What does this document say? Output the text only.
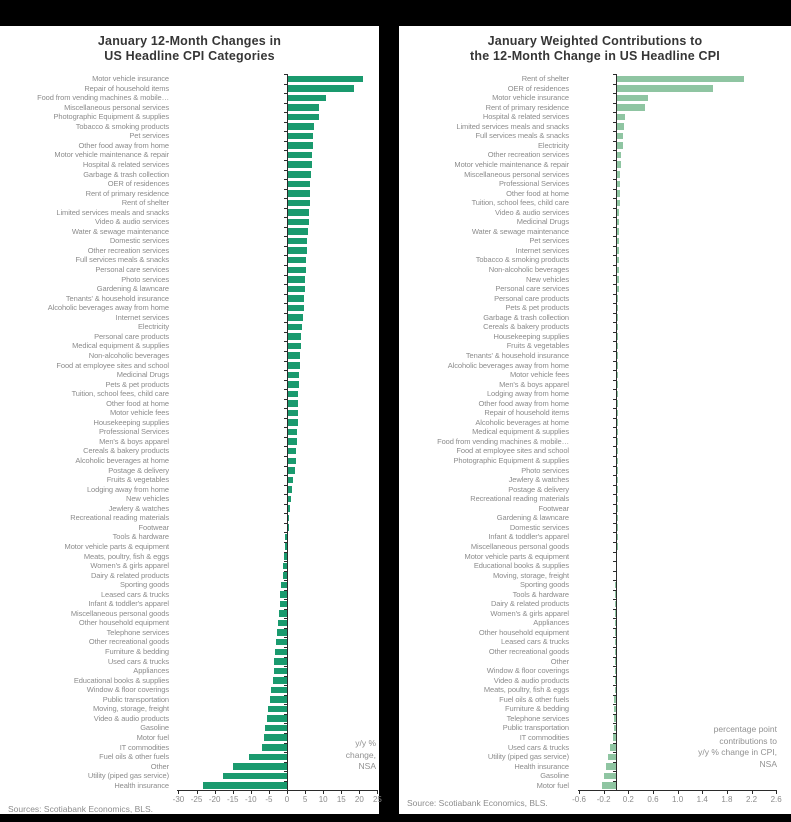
January 12-Month Changes in
US Headline CPI Categories
Motor vehicle insurance
Repair of household items
Food from vending machines & mobile…
Miscellaneous personal services
Photographic Equipment & supplies
Tobacco & smoking products
Pet services
Other food away from home
Motor vehicle maintenance & repair
Hospital & related services
Garbage & trash collection
OER of residences
Rent of primary residence
Rent of shelter
Limited services meals and snacks
Video & audio services
Water & sewage maintenance
Domestic services
Other recreation services
Full services meals & snacks
Personal care services
Photo services
Gardening & lawncare
Tenants' & household insurance
Alcoholic beverages away from home
Internet services
Electricity
Personal care products
Medical equipment & supplies
Non-alcoholic beverages
Food at employee sites and school
Medicinal Drugs
Pets & pet products
Tuition, school fees, child care
Other food at home
Motor vehicle fees
Housekeeping supplies
Professional Services
Men's & boys apparel
Cereals & bakery products
Alcoholic beverages at home
Postage & delivery
Fruits & vegetables
Lodging away from home
New vehicles
Jewlery & watches
Recreational reading materials
Footwear
Tools & hardware
Motor vehicle parts & equipment
Meats, poultry, fish & eggs
Women's & girls apparel
Dairy & related products
Sporting goods
Leased cars & trucks
Infant & toddler's apparel
Miscellaneous personal goods
Other household equipment
Telephone services
Other recreational goods
Furniture & bedding
Used cars & trucks
Appliances
Educational books & supplies
Window & floor coverings
Public transportation
Moving, storage, freight
Video & audio products
Gasoline
Motor fuel
IT commodities
Fuel oils & other fuels
Other
Utility (piped gas service)
Health insurance
-30 -25 -20 -15 -10	-5	0	5	10	15	20	25
y/y %
change,
NSA
Sources: Scotiabank Economics, BLS.
January Weighted Contributions to
the 12-Month Change in US Headline CPI
Rent of shelter
OER of residences
Motor vehicle insurance
Rent of primary residence
Hospital & related services
Limited services meals and snacks
Full services meals & snacks
Electricity
Other recreation services
Motor vehicle maintenance & repair
Miscellaneous personal services
Professional Services
Other food at home
Tuition, school fees, child care
Video & audio services
Medicinal Drugs
Water & sewage maintenance
Pet services
Internet services
Tobacco & smoking products
Non-alcoholic beverages
New vehicles
Personal care services
Personal care products
Pets & pet products
Garbage & trash collection
Cereals & bakery products
Housekeeping supplies
Fruits & vegetables
Tenants' & household insurance
Alcoholic beverages away from home
Motor vehicle fees
Men's & boys apparel
Lodging away from home
Other food away from home
Repair of household items
Alcoholic beverages at home
Medical equipment & supplies
Food from vending machines & mobile…
Food at employee sites and school
Photographic Equipment & supplies
Photo services
Jewlery & watches
Postage & delivery
Recreational reading materials
Footwear
Gardening & lawncare
Domestic services
Infant & toddler's apparel
Miscellaneous personal goods
Motor vehicle parts & equipment
Educational books & supplies
Moving, storage, freight
Sporting goods
Tools & hardware
Dairy & related products
Women's & girls apparel
Appliances
Other household equipment
Leased cars & trucks
Other recreational goods
Other
Window & floor coverings
Video & audio products
Meats, poultry, fish & eggs
Fuel oils & other fuels
Furniture & bedding
Telephone services
Public transportation
IT commodities
Used cars & trucks
Utility (piped gas service)
Health insurance
Gasoline
Motor fuel
-0.6	-0.2	0.2	0.6	1.0	1.4	1.8	2.2	2.6
percentage point
contributions to
y/y % change in CPI,
NSA
Source: Scotiabank Economics, BLS.
